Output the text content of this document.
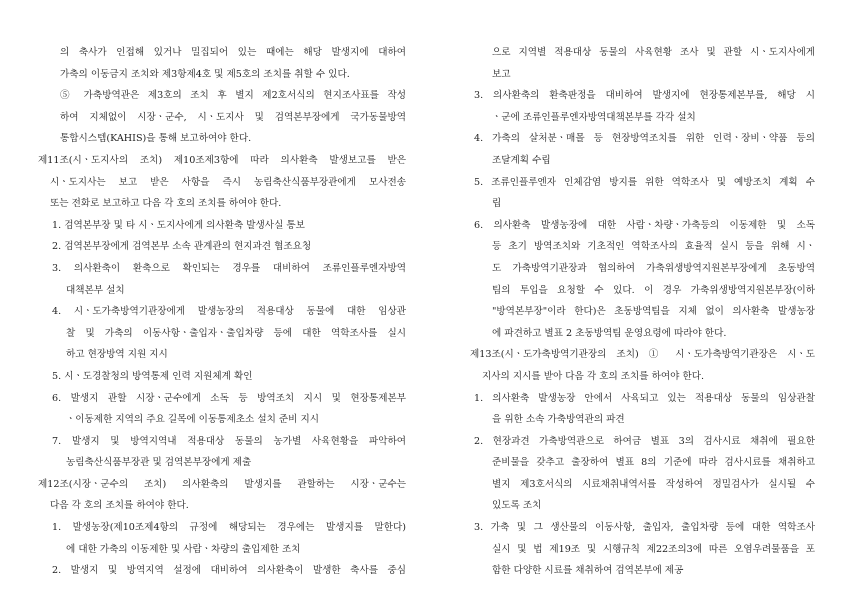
의 축사가 인접해 있거나 밀집되어 있는 때에는 해당 발생지에 대하여
가축의 이동금지 조치와 제3항제4호 및 제5호의 조치를 취할 수 있다.
⑤ 가축방역관은 제3호의 조치 후 별지 제2호서식의 현지조사표를 작성
하여 지체없이 시장ㆍ군수, 시ㆍ도지사 및 검역본부장에게 국가동물방역
통합시스템(KAHIS)을 통해 보고하여야 한다.
제11조(시ㆍ도지사의 조치) 제10조제3항에 따라 의사환축 발생보고를 받은
시ㆍ도지사는 보고 받은 사항을 즉시 농림축산식품부장관에게 모사전송
또는 전화로 보고하고 다음 각 호의 조치를 하여야 한다.
1. 검역본부장 및 타 시ㆍ도지사에게 의사환축 발생사실 통보
2. 검역본부장에게 검역본부 소속 관계관의 현지과견 협조요청
3. 의사환축이 환축으로 확인되는 경우를 대비하여 조류인플루엔자방역
대책본부 설치
4. 시ㆍ도가축방역기관장에게 발생농장의 적용대상 동물에 대한 임상관
찰 및 가축의 이동사항ㆍ출입자ㆍ출입차량 등에 대한 역학조사를 실시
하고 현장방역 지원 지시
5. 시ㆍ도경찰청의 방역통제 인력 지원체계 확인
6. 발생지 관할 시장ㆍ군수에게 소독 등 방역조치 지시 및 현장통제본부
ㆍ이동제한 지역의 주요 길목에 이동통제초소 설치 준비 지시
7. 발생지 및 방역지역내 적용대상 동물의 농가별 사육현황을 파악하여
농림축산식품부장관 및 검역본부장에게 제출
제12조(시장ㆍ군수의 조치) 의사환축의 발생지를 관할하는 시장ㆍ군수는
다음 각 호의 조치를 하여야 한다.
1. 발생농장(제10조제4항의 규정에 해당되는 경우에는 발생지를 말한다)
에 대한 가축의 이동제한 및 사람ㆍ차량의 출입제한 조치
2. 발생지 및 방역지역 설정에 대비하여 의사환축이 발생한 축사를 중심
으로 지역별 적용대상 동물의 사육현황 조사 및 관할 시ㆍ도지사에게
보고
3. 의사환축의 환축판정을 대비하여 발생지에 현장통제본부를, 해당 시
ㆍ군에 조류인플루엔자방역대책본부를 각각 설치
4. 가축의 살처분ㆍ매몰 등 현장방역조치를 위한 인력ㆍ장비ㆍ약품 등의
조달계획 수립
5. 조류인플루엔자 인체감염 방지를 위한 역학조사 및 예방조치 계획 수
립
6. 의사환축 발생농장에 대한 사람ㆍ차량ㆍ가축등의 이동제한 및 소독
등 초기 방역조치와 기초적인 역학조사의 효율적 실시 등을 위해 시ㆍ
도 가축방역기관장과 협의하여 가축위생방역지원본부장에게 초동방역
팀의 투입을 요청할 수 있다. 이 경우 가축위생방역지원본부장(이하
"방역본부장"이라 한다)은 초동방역팀을 지체 없이 의사환축 발생농장
에 파견하고 별표 2 초동방역팀 운영요령에 따라야 한다.
제13조(시ㆍ도가축방역기관장의 조치) ① 시ㆍ도가축방역기관장은 시ㆍ도
지사의 지시를 받아 다음 각 호의 조치를 하여야 한다.
1. 의사환축 발생농장 안에서 사육되고 있는 적용대상 동물의 임상관찰
을 위한 소속 가축방역관의 파견
2. 현장과견 가축방역관으로 하여금 별표 3의 검사시료 채취에 필요한
준비물을 갖추고 출장하여 별표 8의 기준에 따라 검사시료를 채취하고
별지 제3호서식의 시료채취내역서를 작성하여 정밀검사가 실시될 수
있도록 조치
3. 가축 및 그 생산물의 이동사항, 출입자, 출입차량 등에 대한 역학조사
실시 및 법 제19조 및 시행규칙 제22조의3에 따른 오염우려물품을 포
함한 다양한 시료를 채취하여 검역본부에 제공
